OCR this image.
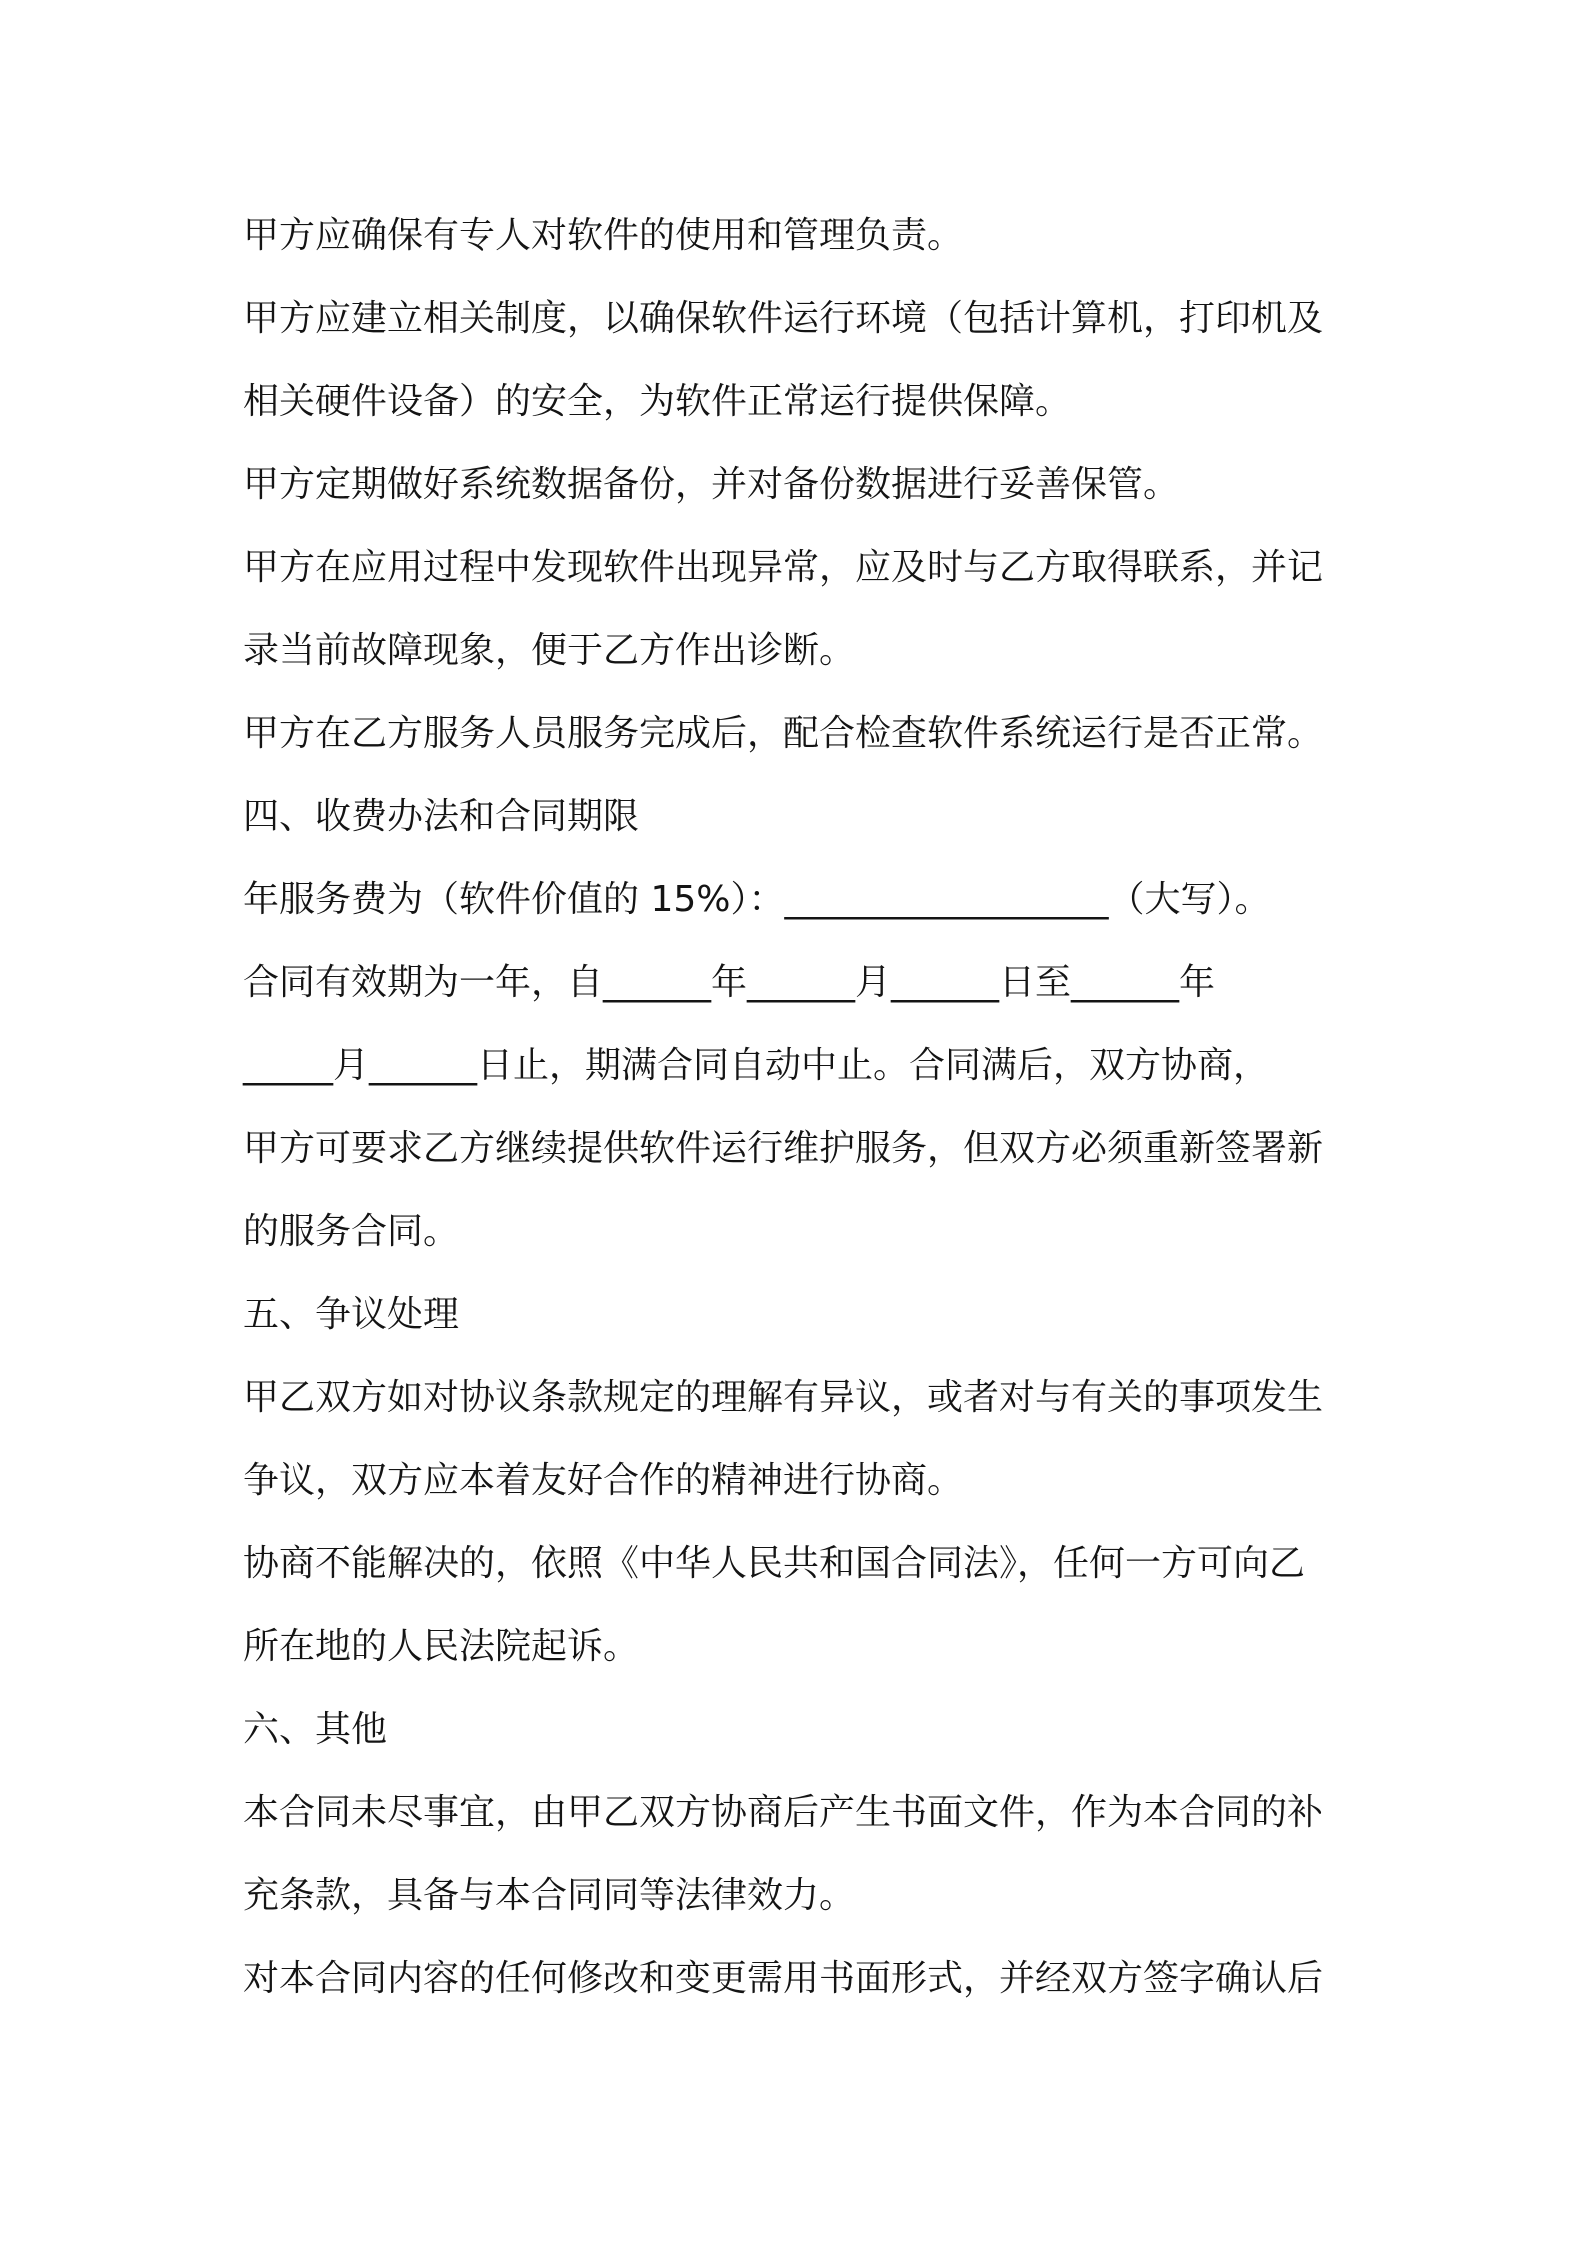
甲方应确保有专人对软件的使用和管理负责。
甲方应建立相关制度，以确保软件运行环境（包括计算机，打印机及
相关硬件设备）的安全，为软件正常运行提供保障。
甲方定期做好系统数据备份，并对备份数据进行妥善保管。
甲方在应用过程中发现软件出现异常，应及时与乙方取得联系，并记
录当前故障现象，便于乙方作出诊断。
甲方在乙方服务人员服务完成后，配合检查软件系统运行是否正常。
四、收费办法和合同期限
年服务费为（软件价值的 15%）：__________________（大写）。
合同有效期为一年，自______年______月______日至______年
_____月______日止，期满合同自动中止。合同满后，双方协商，
甲方可要求乙方继续提供软件运行维护服务，但双方必须重新签署新
的服务合同。
五、争议处理
甲乙双方如对协议条款规定的理解有异议，或者对与有关的事项发生
争议，双方应本着友好合作的精神进行协商。
协商不能解决的，依照《中华人民共和国合同法》，任何一方可向乙
所在地的人民法院起诉。
六、其他
本合同未尽事宜，由甲乙双方协商后产生书面文件，作为本合同的补
充条款，具备与本合同同等法律效力。
对本合同内容的任何修改和变更需用书面形式，并经双方签字确认后
